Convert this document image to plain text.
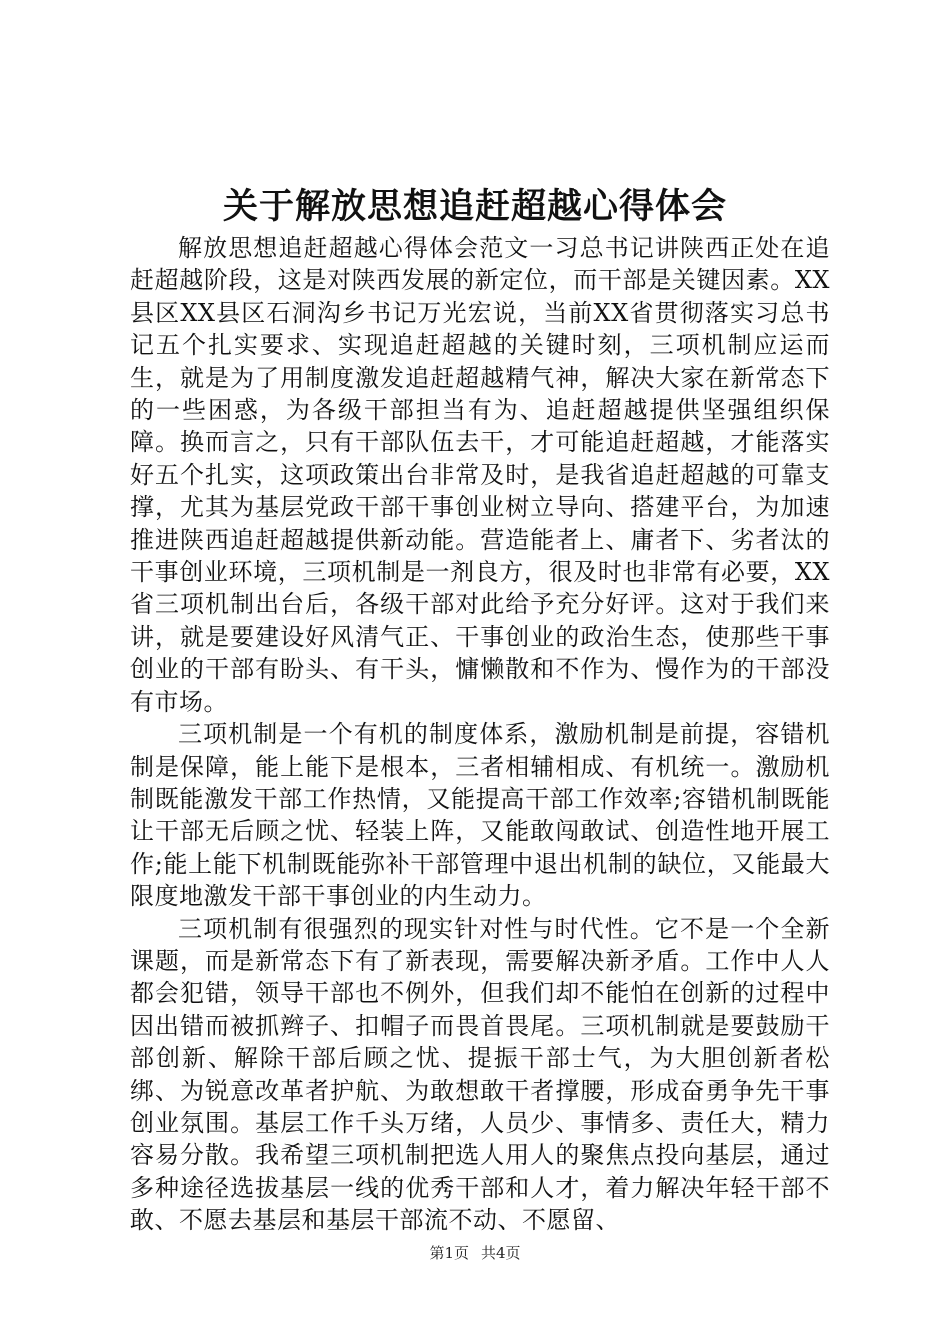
关于解放思想追赶超越心得体会

解放思想追赶超越心得体会范文一习总书记讲陕西正处在追赶超越阶段，这是对陕西发展的新定位，而干部是关键因素。XX县区XX县区石洞沟乡书记万光宏说，当前XX省贯彻落实习总书记五个扎实要求、实现追赶超越的关键时刻，三项机制应运而生，就是为了用制度激发追赶超越精气神，解决大家在新常态下的一些困惑，为各级干部担当有为、追赶超越提供坚强组织保障。换而言之，只有干部队伍去干，才可能追赶超越，才能落实好五个扎实，这项政策出台非常及时，是我省追赶超越的可靠支撑，尤其为基层党政干部干事创业树立导向、搭建平台，为加速推进陕西追赶超越提供新动能。营造能者上、庸者下、劣者汰的干事创业环境，三项机制是一剂良方，很及时也非常有必要，XX省三项机制出台后，各级干部对此给予充分好评。这对于我们来讲，就是要建设好风清气正、干事创业的政治生态，使那些干事创业的干部有盼头、有干头，慵懒散和不作为、慢作为的干部没有市场。

三项机制是一个有机的制度体系，激励机制是前提，容错机制是保障，能上能下是根本，三者相辅相成、有机统一。激励机制既能激发干部工作热情，又能提高干部工作效率;容错机制既能让干部无后顾之忧、轻装上阵，又能敢闯敢试、创造性地开展工作;能上能下机制既能弥补干部管理中退出机制的缺位，又能最大限度地激发干部干事创业的内生动力。

三项机制有很强烈的现实针对性与时代性。它不是一个全新课题，而是新常态下有了新表现，需要解决新矛盾。工作中人人都会犯错，领导干部也不例外，但我们却不能怕在创新的过程中因出错而被抓辫子、扣帽子而畏首畏尾。三项机制就是要鼓励干部创新、解除干部后顾之忧、提振干部士气，为大胆创新者松绑、为锐意改革者护航、为敢想敢干者撑腰，形成奋勇争先干事创业氛围。基层工作千头万绪，人员少、事情多、责任大，精力容易分散。我希望三项机制把选人用人的聚焦点投向基层，通过多种途径选拔基层一线的优秀干部和人才，着力解决年轻干部不敢、不愿去基层和基层干部流不动、不愿留、

第1页 共4页
